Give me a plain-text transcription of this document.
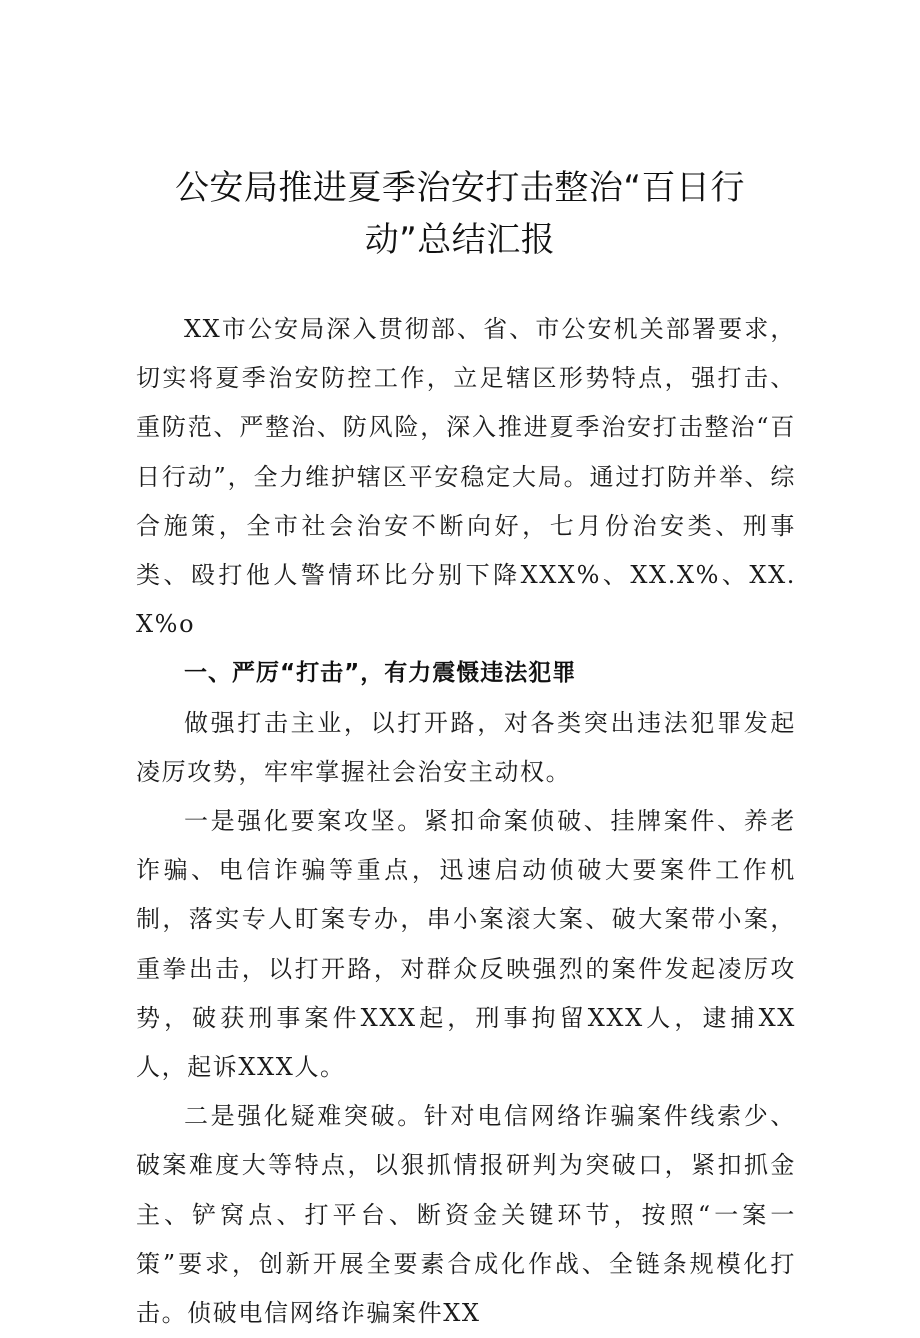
公安局推进夏季治安打击整治“百日行
动”总结汇报

XX市公安局深入贯彻部、省、市公安机关部署要求，切实将夏季治安防控工作，立足辖区形势特点，强打击、重防范、严整治、防风险，深入推进夏季治安打击整治“百日行动”，全力维护辖区平安稳定大局。通过打防并举、综合施策，全市社会治安不断向好，七月份治安类、刑事类、殴打他人警情环比分别下降XXX%、XX.X%、XX.X%o

一、严厉“打击”，有力震慑违法犯罪

做强打击主业，以打开路，对各类突出违法犯罪发起凌厉攻势，牢牢掌握社会治安主动权。

一是强化要案攻坚。紧扣命案侦破、挂牌案件、养老诈骗、电信诈骗等重点，迅速启动侦破大要案件工作机制，落实专人盯案专办，串小案滚大案、破大案带小案，重拳出击，以打开路，对群众反映强烈的案件发起凌厉攻势，破获刑事案件XXX起，刑事拘留XXX人，逮捕XX人，起诉XXX人。

二是强化疑难突破。针对电信网络诈骗案件线索少、破案难度大等特点，以狠抓情报研判为突破口，紧扣抓金主、铲窝点、打平台、断资金关键环节，按照“一案一策”要求，创新开展全要素合成化作战、全链条规模化打击。侦破电信网络诈骗案件XX
